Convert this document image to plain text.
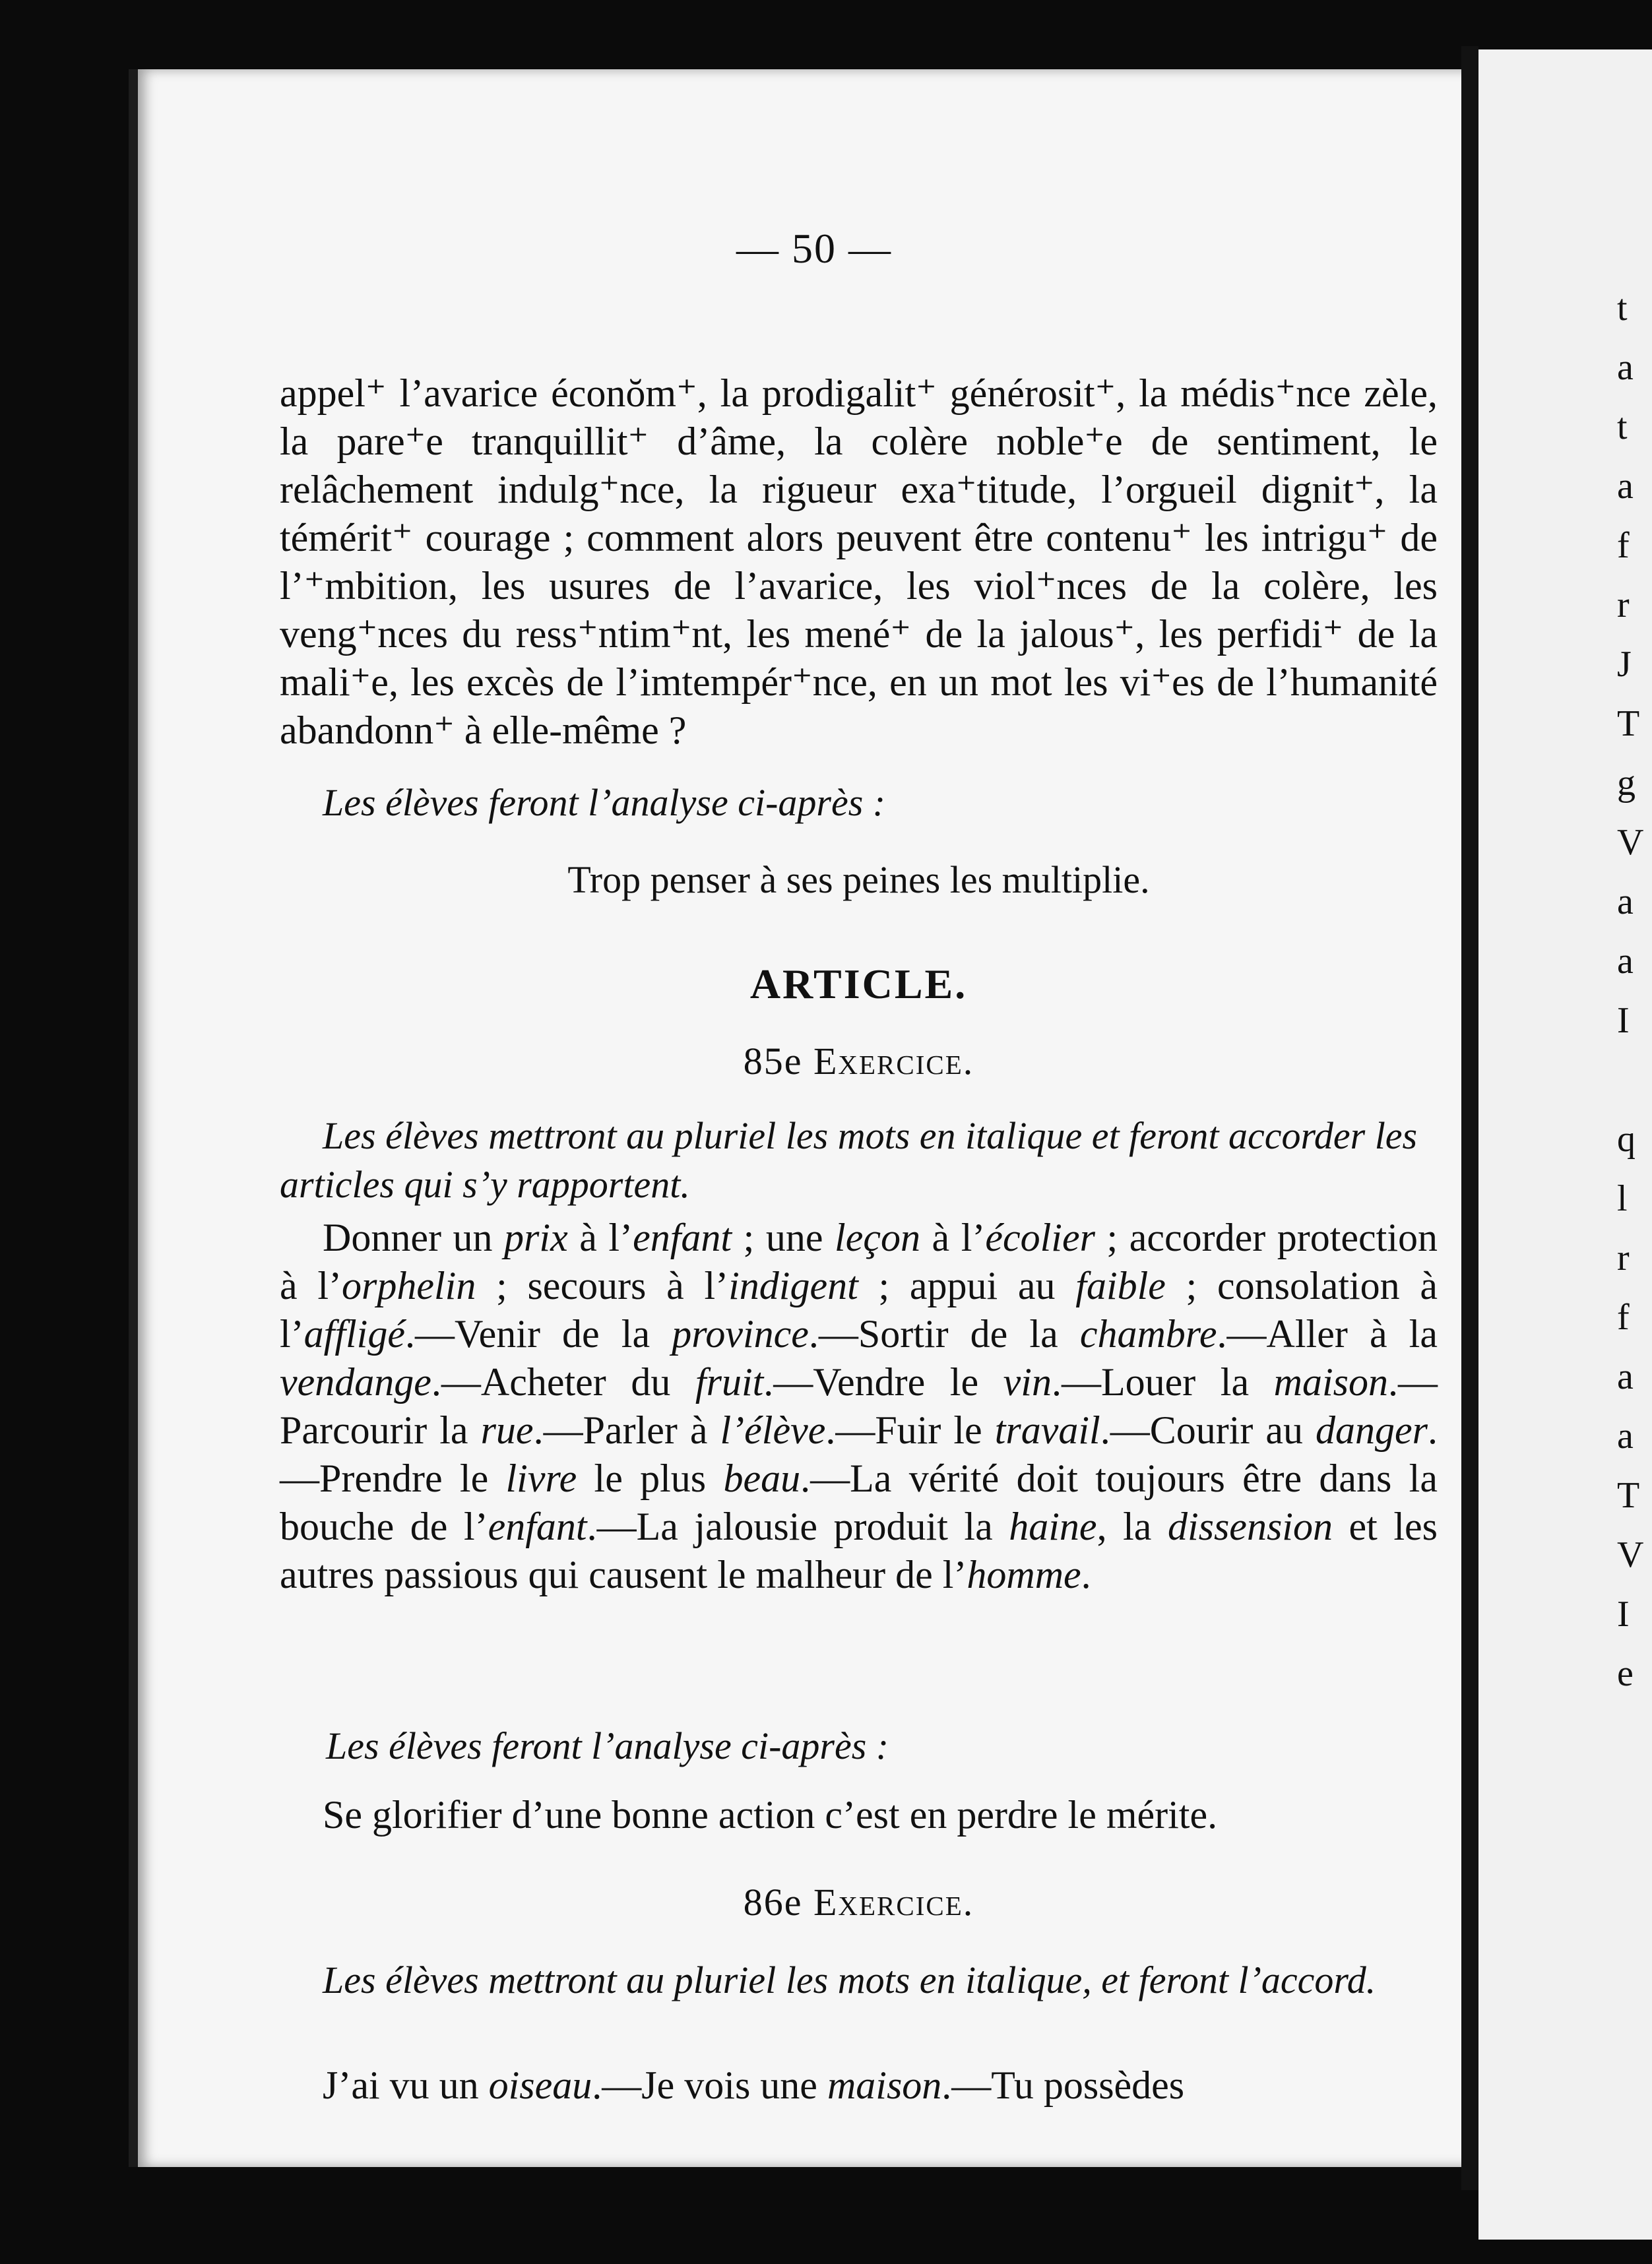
— 50 —

appel⁺ l’avarice éconŏm⁺, la prodigalit⁺ générosit⁺, la médis⁺nce zèle, la pare⁺e tranquillit⁺ d’âme, la colère noble⁺e de sentiment, le relâchement indulg⁺nce, la rigueur exa⁺titude, l’orgueil dignit⁺, la témérit⁺ courage ; comment alors peuvent être contenu⁺ les intrigu⁺ de l’⁺mbition, les usures de l’avarice, les viol⁺nces de la colère, les veng⁺nces du ress⁺ntim⁺nt, les mené⁺ de la jalous⁺, les perfidi⁺ de la mali⁺e, les excès de l’imtempér⁺nce, en un mot les vi⁺es de l’humanité abandonn⁺ à elle-même ?

Les élèves feront l’analyse ci-après :

Trop penser à ses peines les multiplie.

ARTICLE.

85e Exercice.

Les élèves mettront au pluriel les mots en italique et feront accorder les articles qui s’y rapportent.

Donner un prix à l’enfant ; une leçon à l’écolier ; accorder protection à l’orphelin ; secours à l’indigent ; appui au faible ; consolation à l’affligé.—Venir de la province.—Sortir de la chambre.—Aller à la vendange.—Acheter du fruit.—Vendre le vin.—Louer la maison.—Parcourir la rue.—Parler à l’élève.—Fuir le travail.—Courir au danger.—Prendre le livre le plus beau.—La vérité doit toujours être dans la bouche de l’enfant.—La jalousie produit la haine, la dissension et les autres passious qui causent le malheur de l’homme.

Les élèves feront l’analyse ci-après :

Se glorifier d’une bonne action c’est en perdre le mérite.

86e Exercice.

Les élèves mettront au pluriel les mots en italique, et feront l’accord.

J’ai vu un oiseau.—Je vois une maison.—Tu possèdes

t
a
t
a
f
r
J
T
g
V
a
a
I
q
l
r
f
a
a
T
V
I
e
